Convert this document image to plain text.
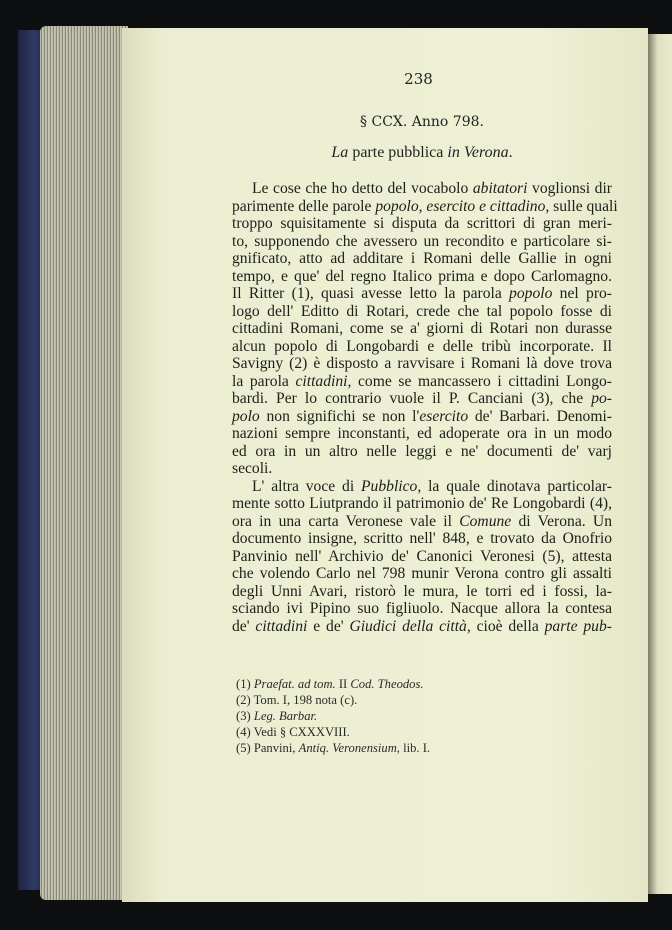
238
§ CCX. Anno 798.
La parte pubblica in Verona.
Le cose che ho detto del vocabolo abitatori voglionsi dir
parimente delle parole popolo, esercito e cittadino, sulle quali
troppo squisitamente si disputa da scrittori di gran meri-
to, supponendo che avessero un recondito e particolare si-
gnificato, atto ad additare i Romani delle Gallie in ogni
tempo, e que' del regno Italico prima e dopo Carlomagno.
Il Ritter (1), quasi avesse letto la parola popolo nel pro-
logo dell' Editto di Rotari, crede che tal popolo fosse di
cittadini Romani, come se a' giorni di Rotari non durasse
alcun popolo di Longobardi e delle tribù incorporate. Il
Savigny (2) è disposto a ravvisare i Romani là dove trova
la parola cittadini, come se mancassero i cittadini Longo-
bardi. Per lo contrario vuole il P. Canciani (3), che po-
polo non significhi se non l'esercito de' Barbari. Denomi-
nazioni sempre inconstanti, ed adoperate ora in un modo
ed ora in un altro nelle leggi e ne' documenti de' varj
secoli.
L' altra voce di Pubblico, la quale dinotava particolar-
mente sotto Liutprando il patrimonio de' Re Longobardi (4),
ora in una carta Veronese vale il Comune di Verona. Un
documento insigne, scritto nell' 848, e trovato da Onofrio
Panvinio nell' Archivio de' Canonici Veronesi (5), attesta
che volendo Carlo nel 798 munir Verona contro gli assalti
degli Unni Avari, ristorò le mura, le torri ed i fossi, la-
sciando ivi Pipino suo figliuolo. Nacque allora la contesa
de' cittadini e de' Giudici della città, cioè della parte pub-
(1) Praefat. ad tom. II Cod. Theodos.
(2) Tom. I, 198 nota (c).
(3) Leg. Barbar.
(4) Vedi § CXXXVIII.
(5) Panvini, Antiq. Veronensium, lib. I.
